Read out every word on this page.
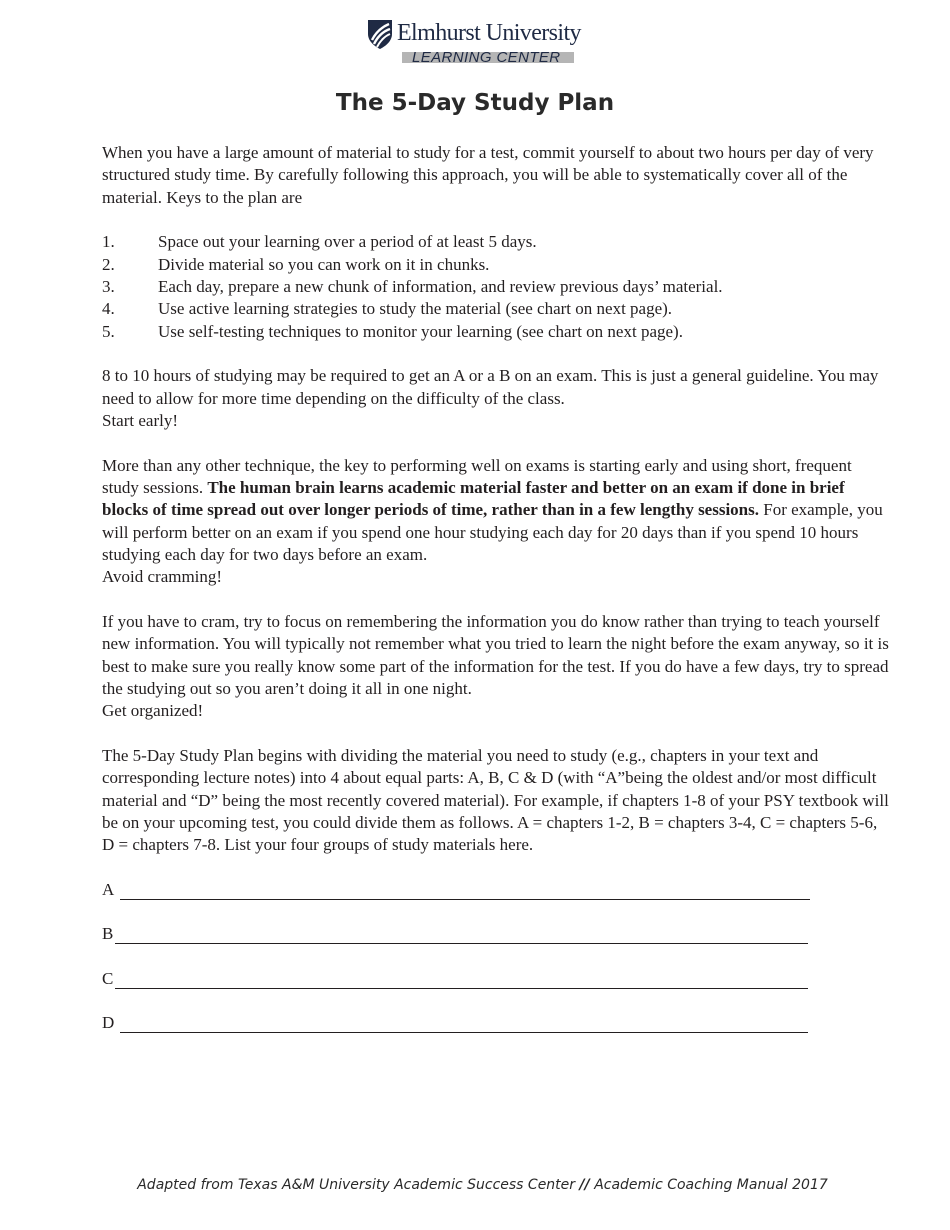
Elmhurst University
LEARNING CENTER
The 5-Day Study Plan

When you have a large amount of material to study for a test, commit yourself to about two hours per day of very structured study time. By carefully following this approach, you will be able to systematically cover all of the material. Keys to the plan are

1.	Space out your learning over a period of at least 5 days.
2.	Divide material so you can work on it in chunks.
3.	Each day, prepare a new chunk of information, and review previous days’ material.
4.	Use active learning strategies to study the material (see chart on next page).
5.	Use self-testing techniques to monitor your learning (see chart on next page).

8 to 10 hours of studying may be required to get an A or a B on an exam. This is just a general guideline. You may need to allow for more time depending on the difficulty of the class.

Start early!

More than any other technique, the key to performing well on exams is starting early and using short, frequent study sessions. The human brain learns academic material faster and better on an exam if done in brief blocks of time spread out over longer periods of time, rather than in a few lengthy sessions. For example, you will perform better on an exam if you spend one hour studying each day for 20 days than if you spend 10 hours studying each day for two days before an exam.

Avoid cramming!

If you have to cram, try to focus on remembering the information you do know rather than trying to teach yourself new information. You will typically not remember what you tried to learn the night before the exam anyway, so it is best to make sure you really know some part of the information for the test. If you do have a few days, try to spread the studying out so you aren’t doing it all in one night.

Get organized!

The 5-Day Study Plan begins with dividing the material you need to study (e.g., chapters in your text and corresponding lecture notes) into 4 about equal parts: A, B, C & D (with “A”being the oldest and/or most difficult material and “D” being the most recently covered material). For example, if chapters 1-8 of your PSY textbook will be on your upcoming test, you could divide them as follows. A = chapters 1-2, B = chapters 3-4, C = chapters 5-6, D = chapters 7-8. List your four groups of study materials here.

A
B
C
D
Adapted from Texas A&M University Academic Success Center // Academic Coaching Manual 2017
